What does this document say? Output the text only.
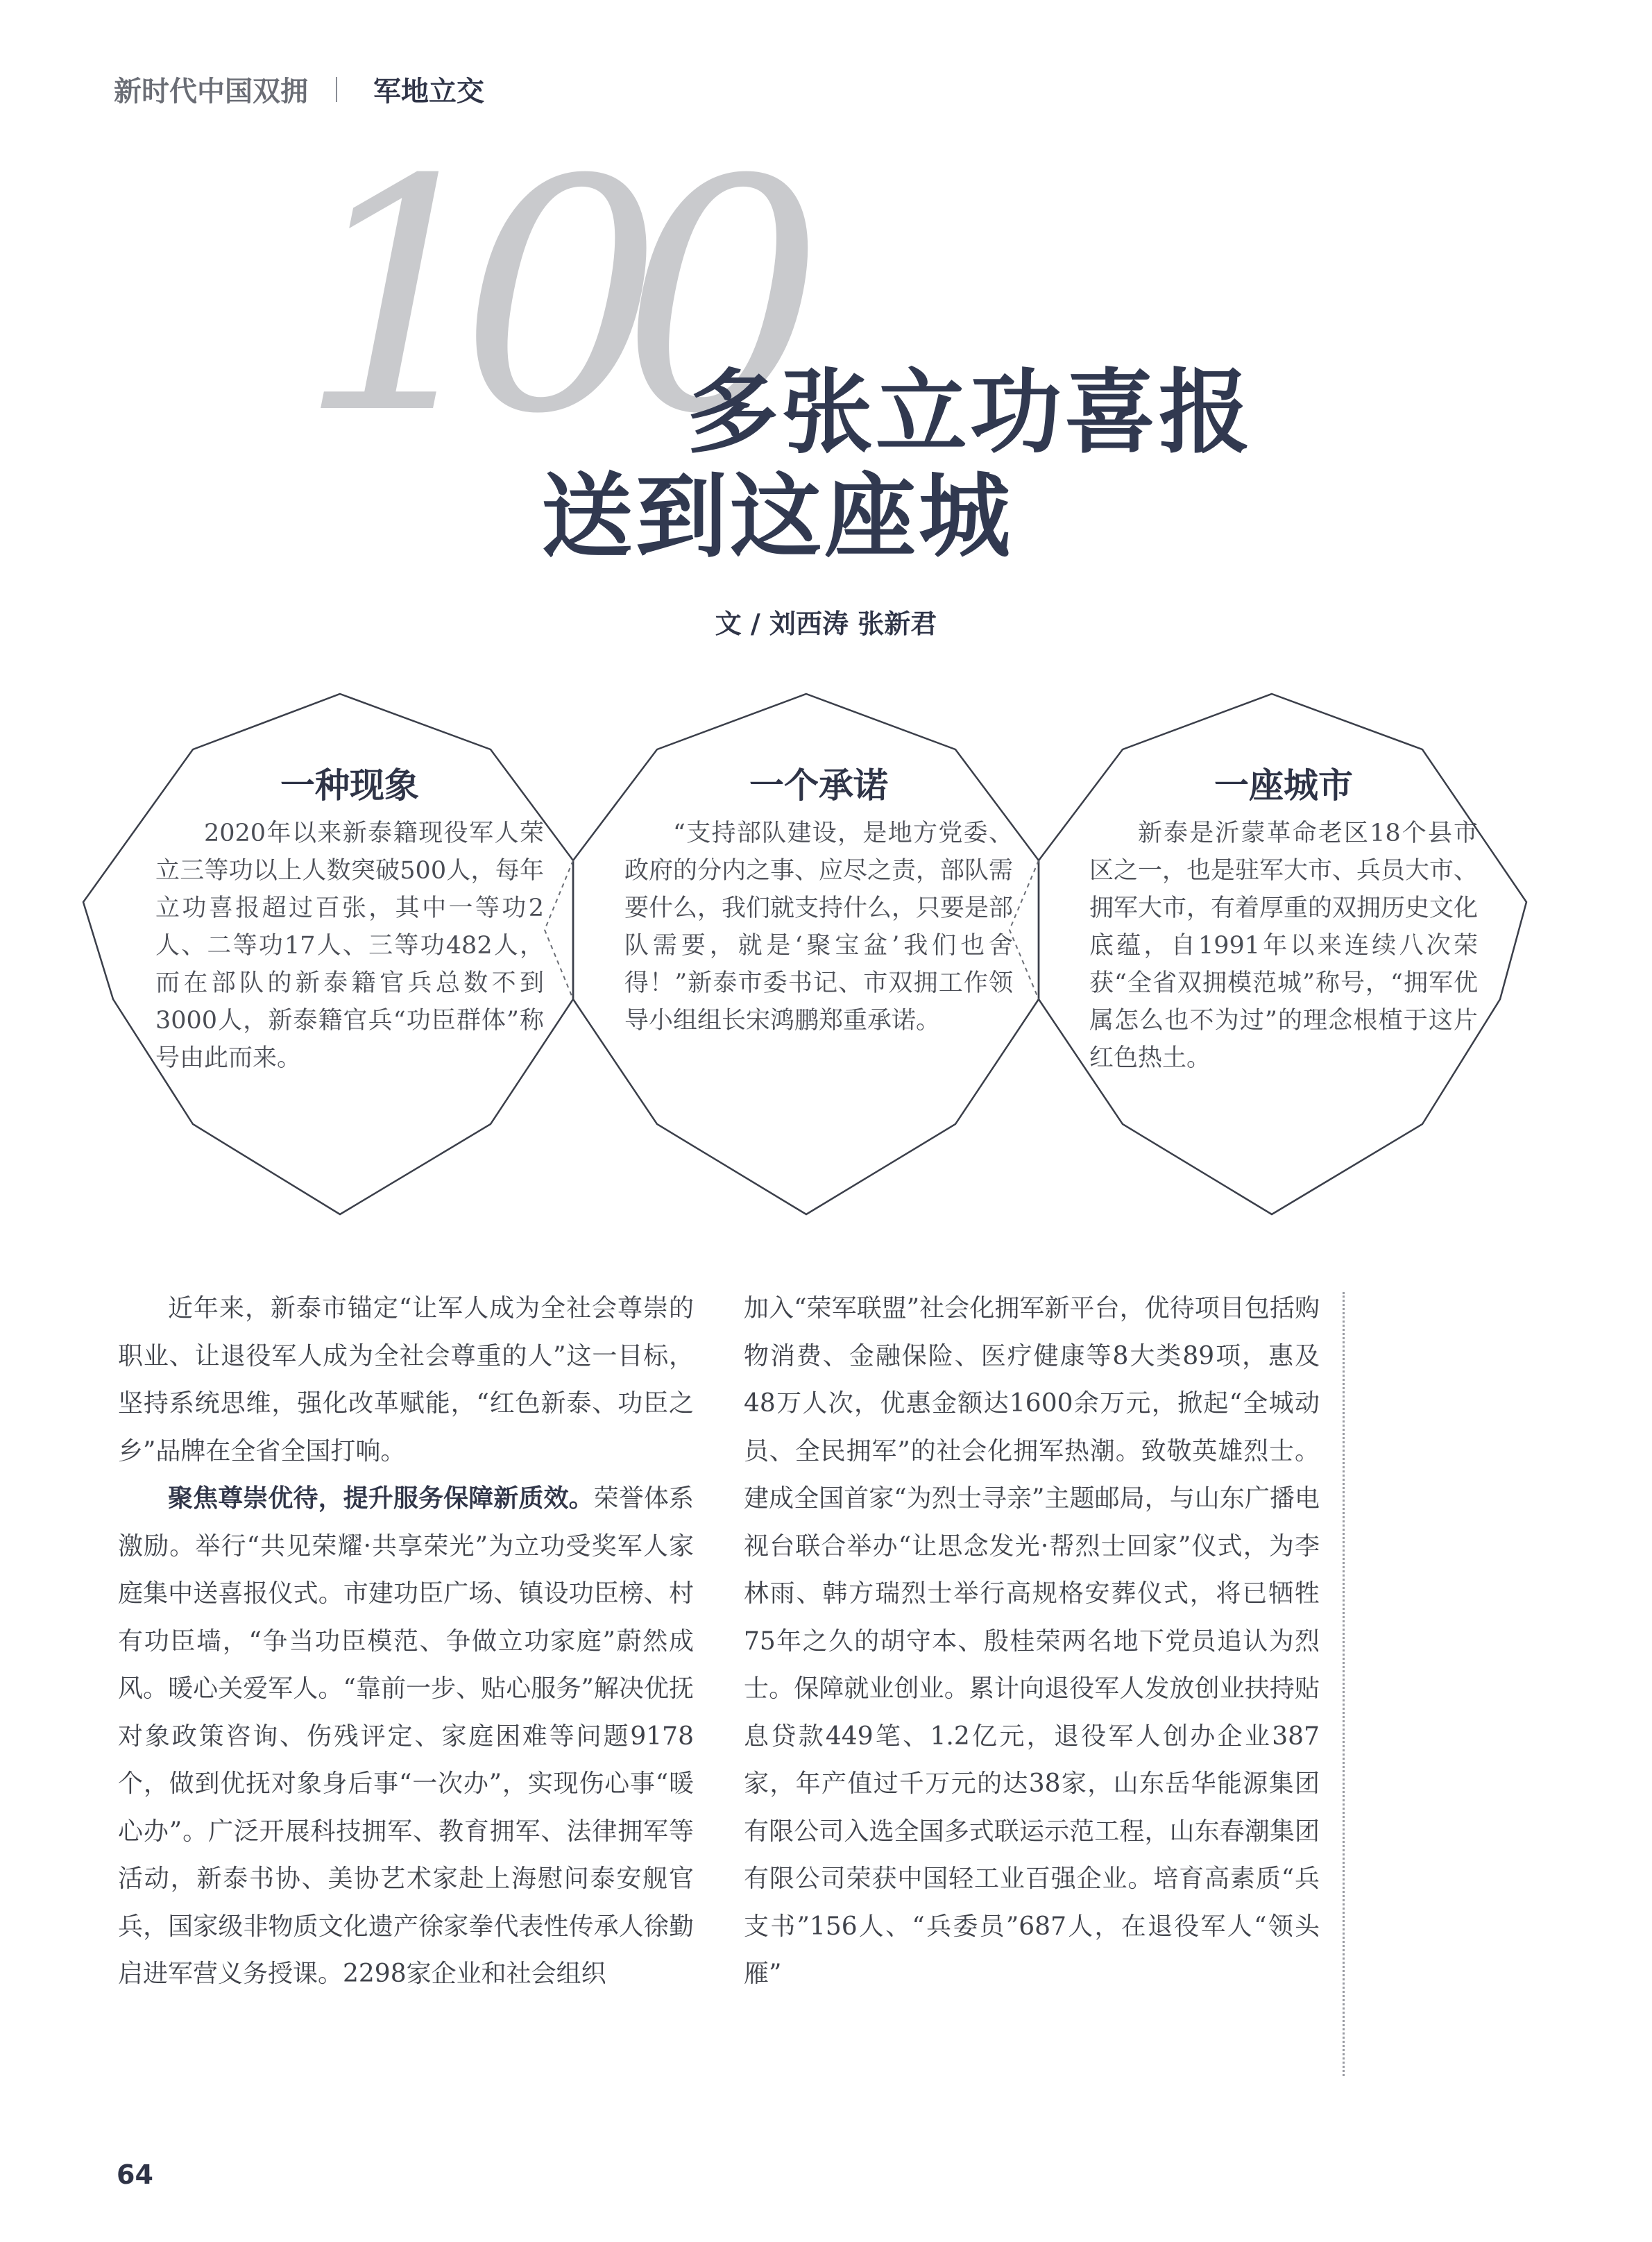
新时代中国双拥 军地立交
100
多张立功喜报
送到这座城
文 / 刘西涛 张新君
一种现象

2020年以来新泰籍现役军人荣立三等功以上人数突破500人，每年立功喜报超过百张，其中一等功2人、二等功17人、三等功482人，而在部队的新泰籍官兵总数不到3000人，新泰籍官兵“功臣群体”称号由此而来。

一个承诺

“支持部队建设，是地方党委、政府的分内之事、应尽之责，部队需要什么，我们就支持什么，只要是部队需要，就是‘聚宝盆’我们也舍得！”新泰市委书记、市双拥工作领导小组组长宋鸿鹏郑重承诺。

一座城市

新泰是沂蒙革命老区18个县市区之一，也是驻军大市、兵员大市、拥军大市，有着厚重的双拥历史文化底蕴，自1991年以来连续八次荣获“全省双拥模范城”称号，“拥军优属怎么也不为过”的理念根植于这片红色热土。

近年来，新泰市锚定“让军人成为全社会尊崇的职业、让退役军人成为全社会尊重的人”这一目标，坚持系统思维，强化改革赋能，“红色新泰、功臣之乡”品牌在全省全国打响。

聚焦尊崇优待，提升服务保障新质效。荣誉体系激励。举行“共见荣耀·共享荣光”为立功受奖军人家庭集中送喜报仪式。市建功臣广场、镇设功臣榜、村有功臣墙，“争当功臣模范、争做立功家庭”蔚然成风。暖心关爱军人。“靠前一步、贴心服务”解决优抚对象政策咨询、伤残评定、家庭困难等问题9178个，做到优抚对象身后事“一次办”，实现伤心事“暖心办”。广泛开展科技拥军、教育拥军、法律拥军等活动，新泰书协、美协艺术家赴上海慰问泰安舰官兵，国家级非物质文化遗产徐家拳代表性传承人徐勤启进军营义务授课。2298家企业和社会组织

加入“荣军联盟”社会化拥军新平台，优待项目包括购物消费、金融保险、医疗健康等8大类89项，惠及48万人次，优惠金额达1600余万元，掀起“全城动员、全民拥军”的社会化拥军热潮。致敬英雄烈士。建成全国首家“为烈士寻亲”主题邮局，与山东广播电视台联合举办“让思念发光·帮烈士回家”仪式，为李林雨、韩方瑞烈士举行高规格安葬仪式，将已牺牲75年之久的胡守本、殷桂荣两名地下党员追认为烈士。保障就业创业。累计向退役军人发放创业扶持贴息贷款449笔、1.2亿元，退役军人创办企业387家，年产值过千万元的达38家，山东岳华能源集团有限公司入选全国多式联运示范工程，山东春潮集团有限公司荣获中国轻工业百强企业。培育高素质“兵支书”156人、“兵委员”687人，在退役军人“领头雁”

64
